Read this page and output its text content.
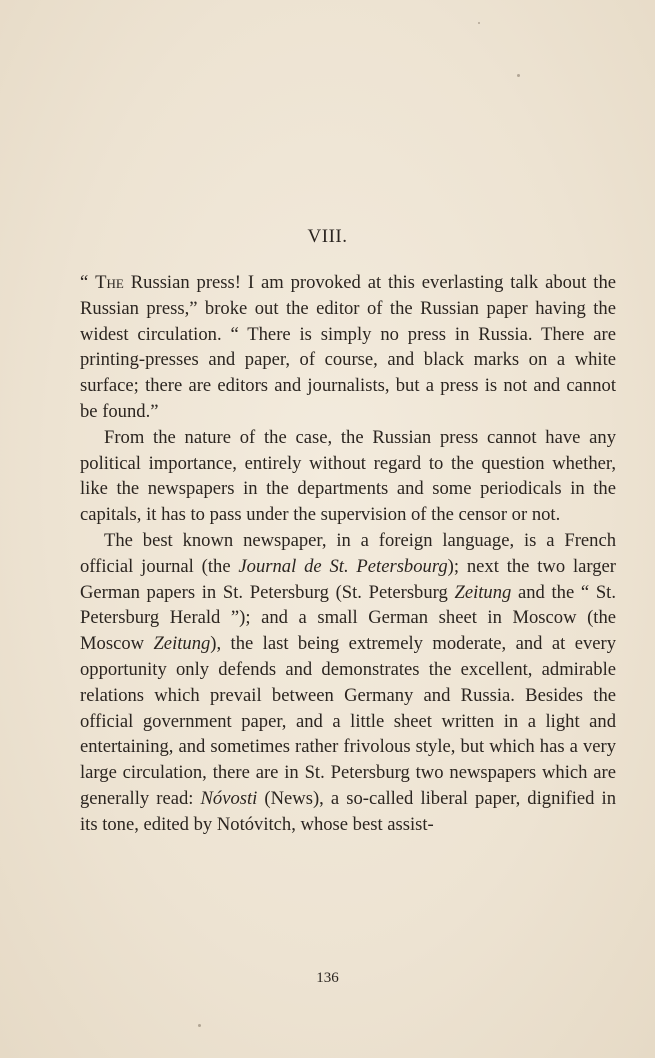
VIII.

“ The Russian press! I am provoked at this everlasting talk about the Russian press,” broke out the editor of the Russian paper having the widest circulation. “ There is simply no press in Russia. There are printing-presses and paper, of course, and black marks on a white surface; there are editors and journalists, but a press is not and cannot be found.”

From the nature of the case, the Russian press cannot have any political importance, entirely without regard to the question whether, like the newspapers in the departments and some periodicals in the capitals, it has to pass under the supervision of the censor or not.

The best known newspaper, in a foreign language, is a French official journal (the Journal de St. Petersbourg); next the two larger German papers in St. Petersburg (St. Petersburg Zeitung and the “ St. Petersburg Herald ”); and a small German sheet in Moscow (the Moscow Zeitung), the last being extremely moderate, and at every opportunity only defends and demonstrates the excellent, admirable relations which prevail between Germany and Russia. Besides the official government paper, and a little sheet written in a light and entertaining, and sometimes rather frivolous style, but which has a very large circulation, there are in St. Petersburg two newspapers which are generally read: Nóvosti (News), a so-called liberal paper, dignified in its tone, edited by Notóvitch, whose best assist-

136
